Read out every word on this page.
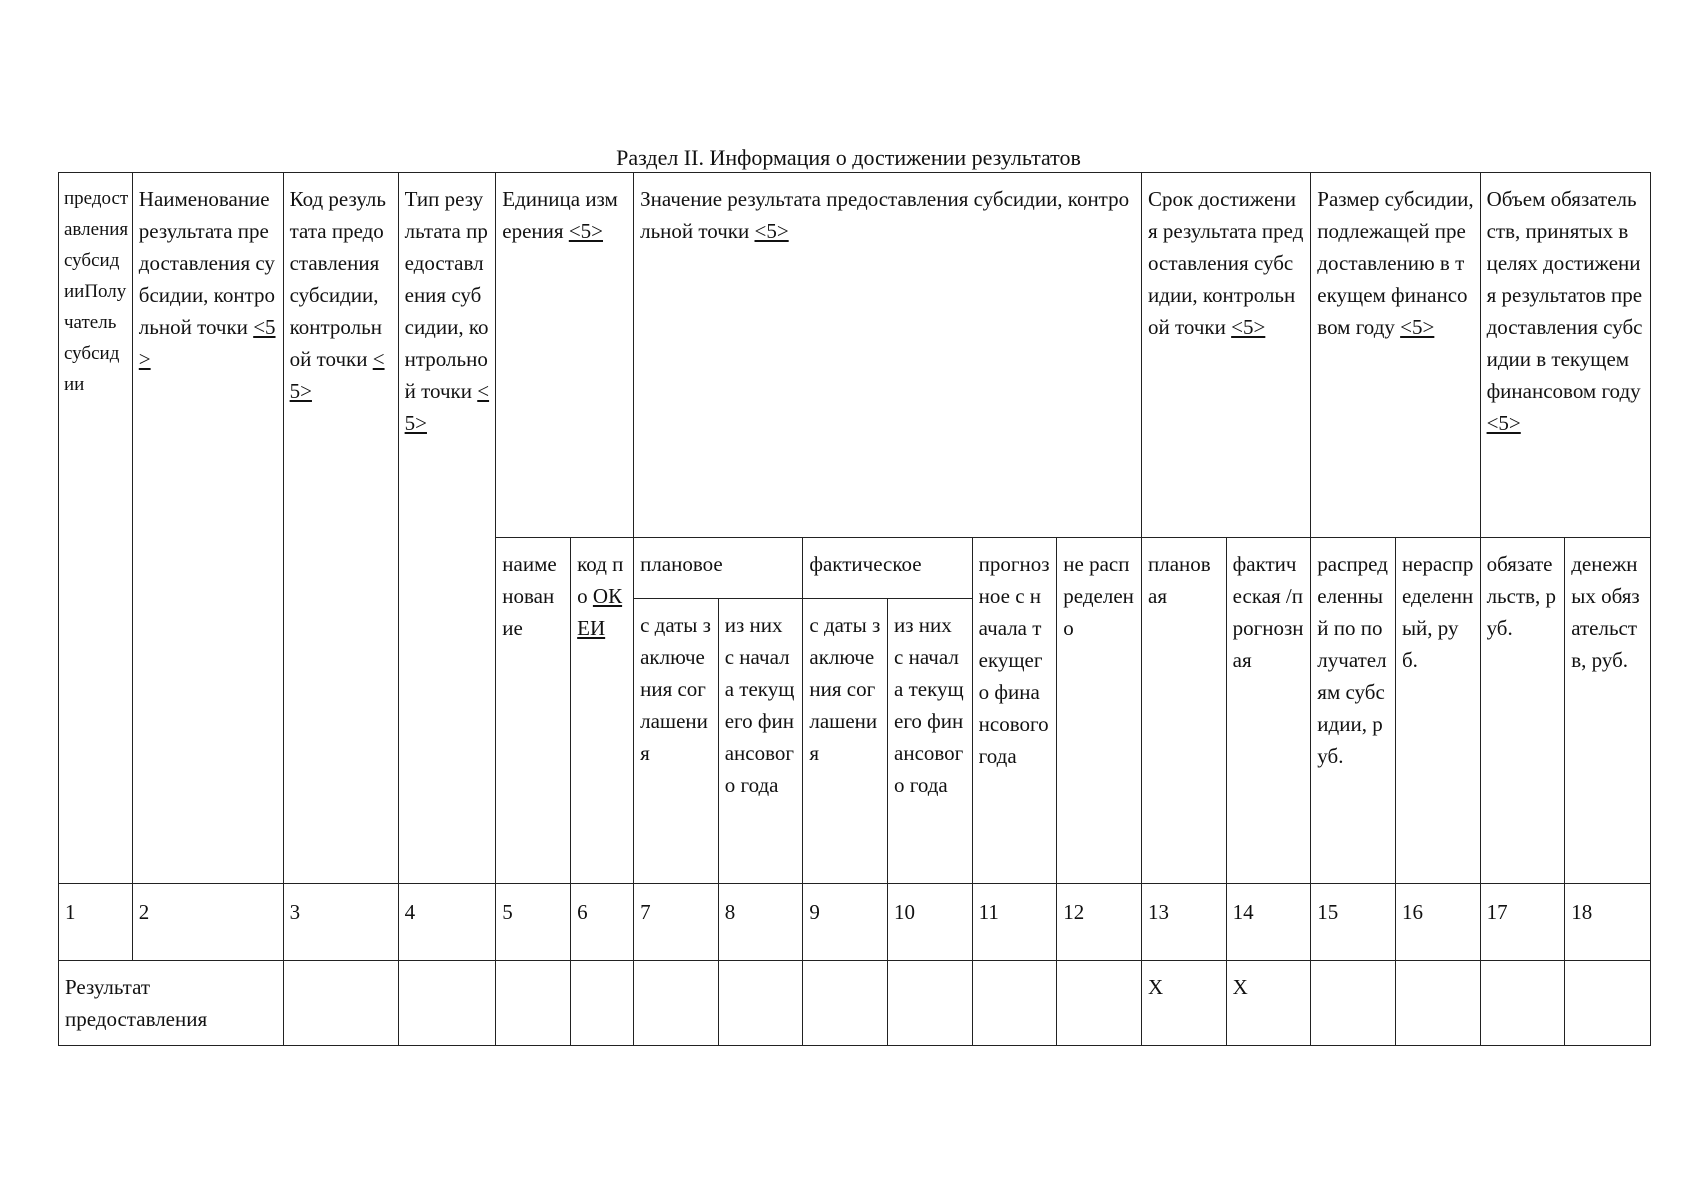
Раздел II. Информация о достижении результатов
предоставления субсидииПолучатель субсидии	Наименование результата предоставления субсидии, контрольной точки <5>	Код результата предоставления субсидии, контрольной точки <5>	Тип результата предоставления субсидии, контрольной точки <5>	Единица измерения <5>		Значение результата предоставления субсидии, контрольной точки <5>						Срок достижения результата предоставления субсидии, контрольной точки <5>		Размер субсидии, подлежащей предоставлению в текущем финансовом году <5>		Объем обязательств, принятых в целях достижения результатов предоставления субсидии в текущем финансовом году <5>	
				наименование	код по ОКЕИ	плановое		фактическое		прогнозное с начала текущего финансового года	не распределено	плановая	фактическая /прогнозная	распределенный по получателям субсидии, руб.	нераспределенный, руб.	обязательств, руб.	денежных обязательств, руб.
						с даты заключения соглашения	из них с начала текущего финансового года	с даты заключения соглашения	из них с начала текущего финансового года								
1	2	3	4	5	6	7	8	9	10	11	12	13	14	15	16	17	18
Результат предоставления												X	X				
